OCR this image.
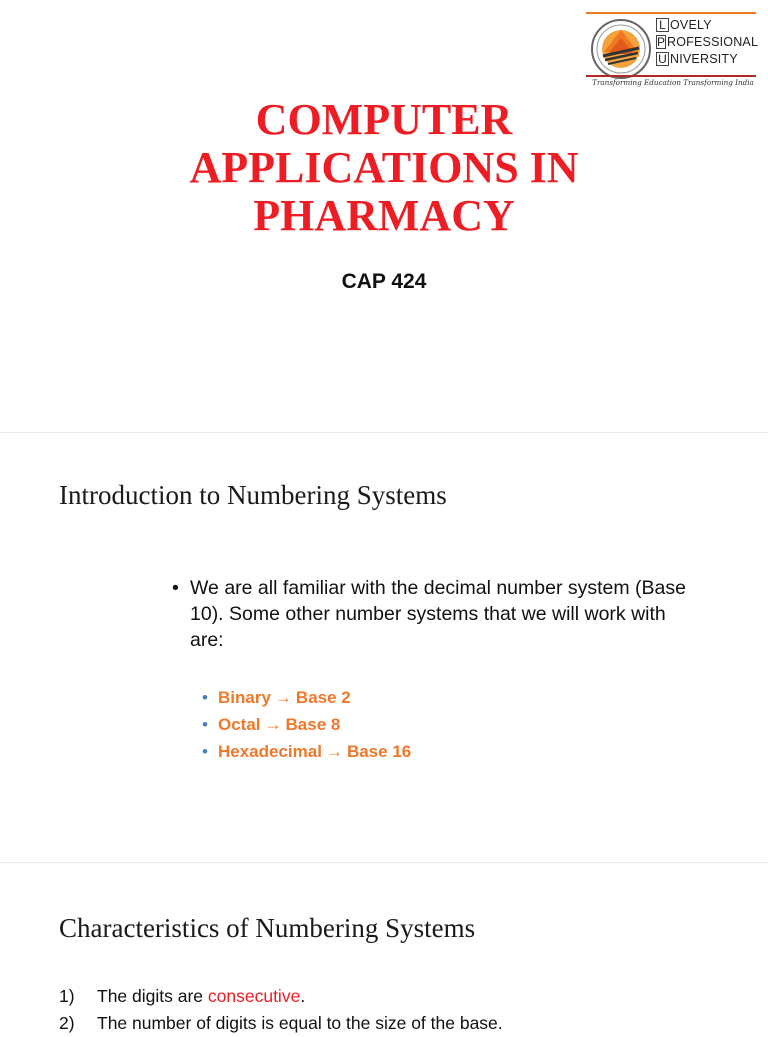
L OVELY
P ROFESSIONAL
U NIVERSITY
Transforming Education Transforming India
COMPUTER
APPLICATIONS IN
PHARMACY
CAP 424
Introduction to Numbering Systems
• We are all familiar with the decimal number system (Base 10). Some other number systems that we will work with are:
• Binary → Base 2
• Octal → Base 8
• Hexadecimal → Base 16
Characteristics of Numbering Systems
1)	The digits are consecutive .
2)	The number of digits is equal to the size of the base.
